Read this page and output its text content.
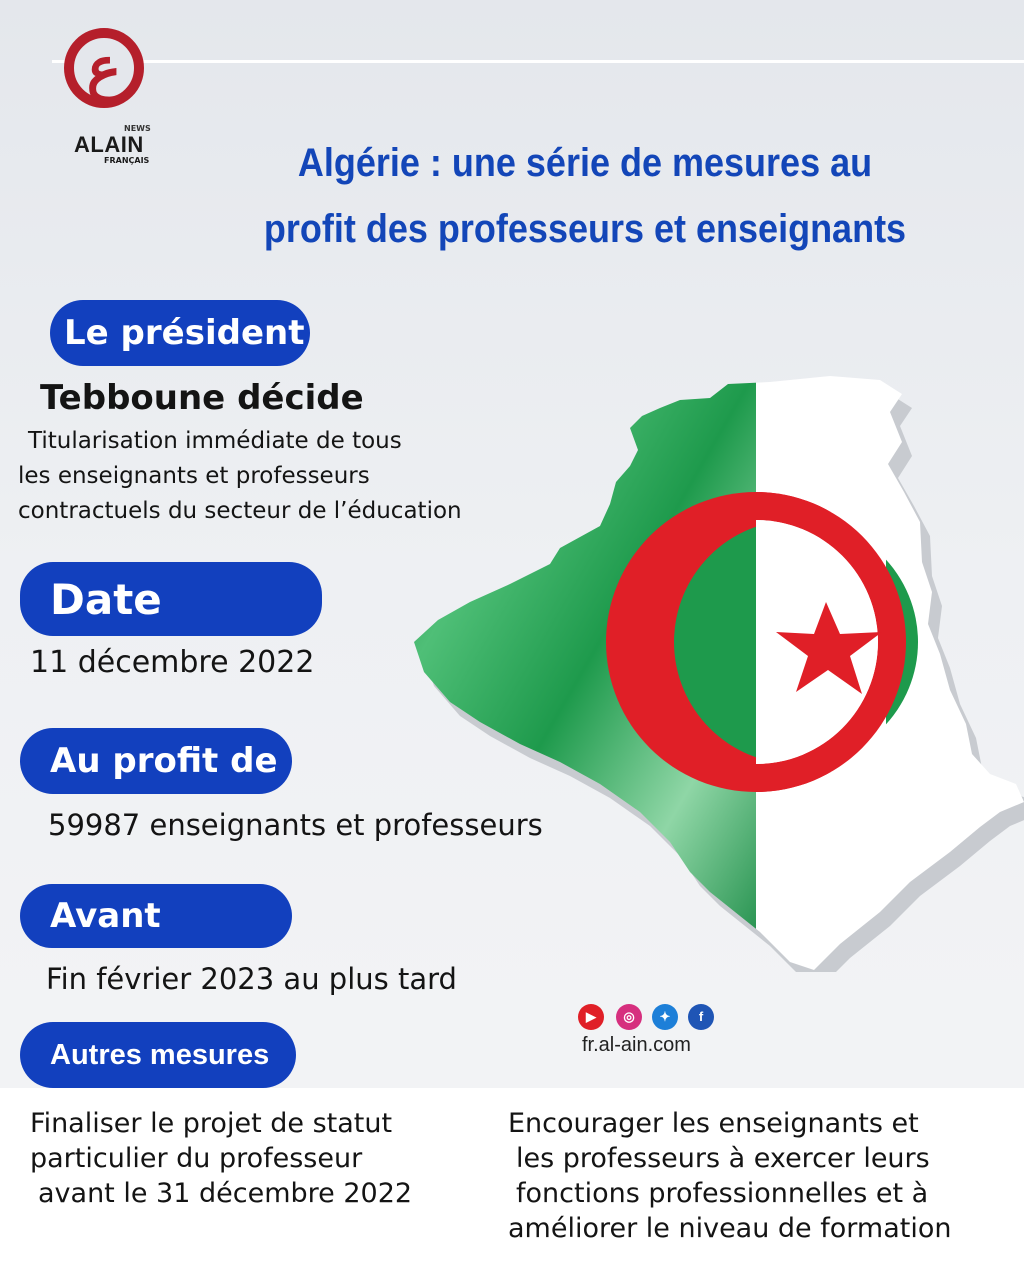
ع
NEWS
ALAIN
FRANÇAIS	Algérie : une série de mesures au
profit des professeurs et enseignants
Le président
Tebboune décide
Titularisation immédiate de tous
les enseignants et professeurs
contractuels du secteur de l’éducation
Date
11 décembre 2022
Au profit de
59987 enseignants et professeurs
Avant
Fin février 2023 au plus tard
Autres mesures
▶	◎	✦	f
fr.al-ain.com
Finaliser le projet de statut
particulier du professeur
avant le 31 décembre 2022
Encourager les enseignants et
les professeurs à exercer leurs
fonctions professionnelles et à
améliorer le niveau de formation
